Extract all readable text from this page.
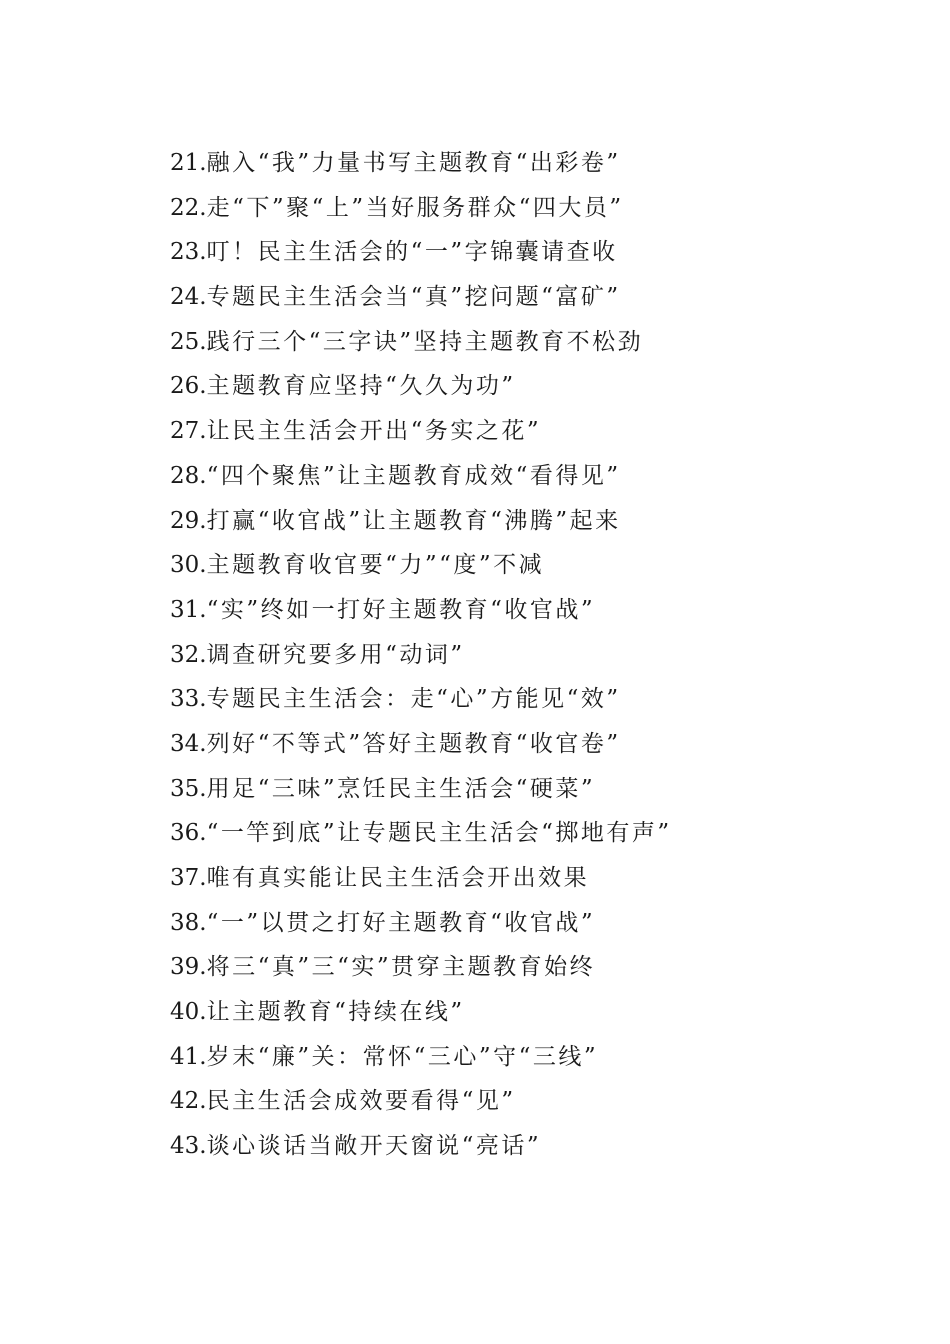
21.融入“我”力量书写主题教育“出彩卷”
22.走“下”聚“上”当好服务群众“四大员”
23.叮！民主生活会的“一”字锦囊请查收
24.专题民主生活会当“真”挖问题“富矿”
25.践行三个“三字诀”坚持主题教育不松劲
26.主题教育应坚持“久久为功”
27.让民主生活会开出“务实之花”
28.“四个聚焦”让主题教育成效“看得见”
29.打赢“收官战”让主题教育“沸腾”起来
30.主题教育收官要“力”“度”不减
31.“实”终如一打好主题教育“收官战”
32.调查研究要多用“动词”
33.专题民主生活会：走“心”方能见“效”
34.列好“不等式”答好主题教育“收官卷”
35.用足“三味”烹饪民主生活会“硬菜”
36.“一竿到底”让专题民主生活会“掷地有声”
37.唯有真实能让民主生活会开出效果
38.“一”以贯之打好主题教育“收官战”
39.将三“真”三“实”贯穿主题教育始终
40.让主题教育“持续在线”
41.岁末“廉”关：常怀“三心”守“三线”
42.民主生活会成效要看得“见”
43.谈心谈话当敞开天窗说“亮话”
